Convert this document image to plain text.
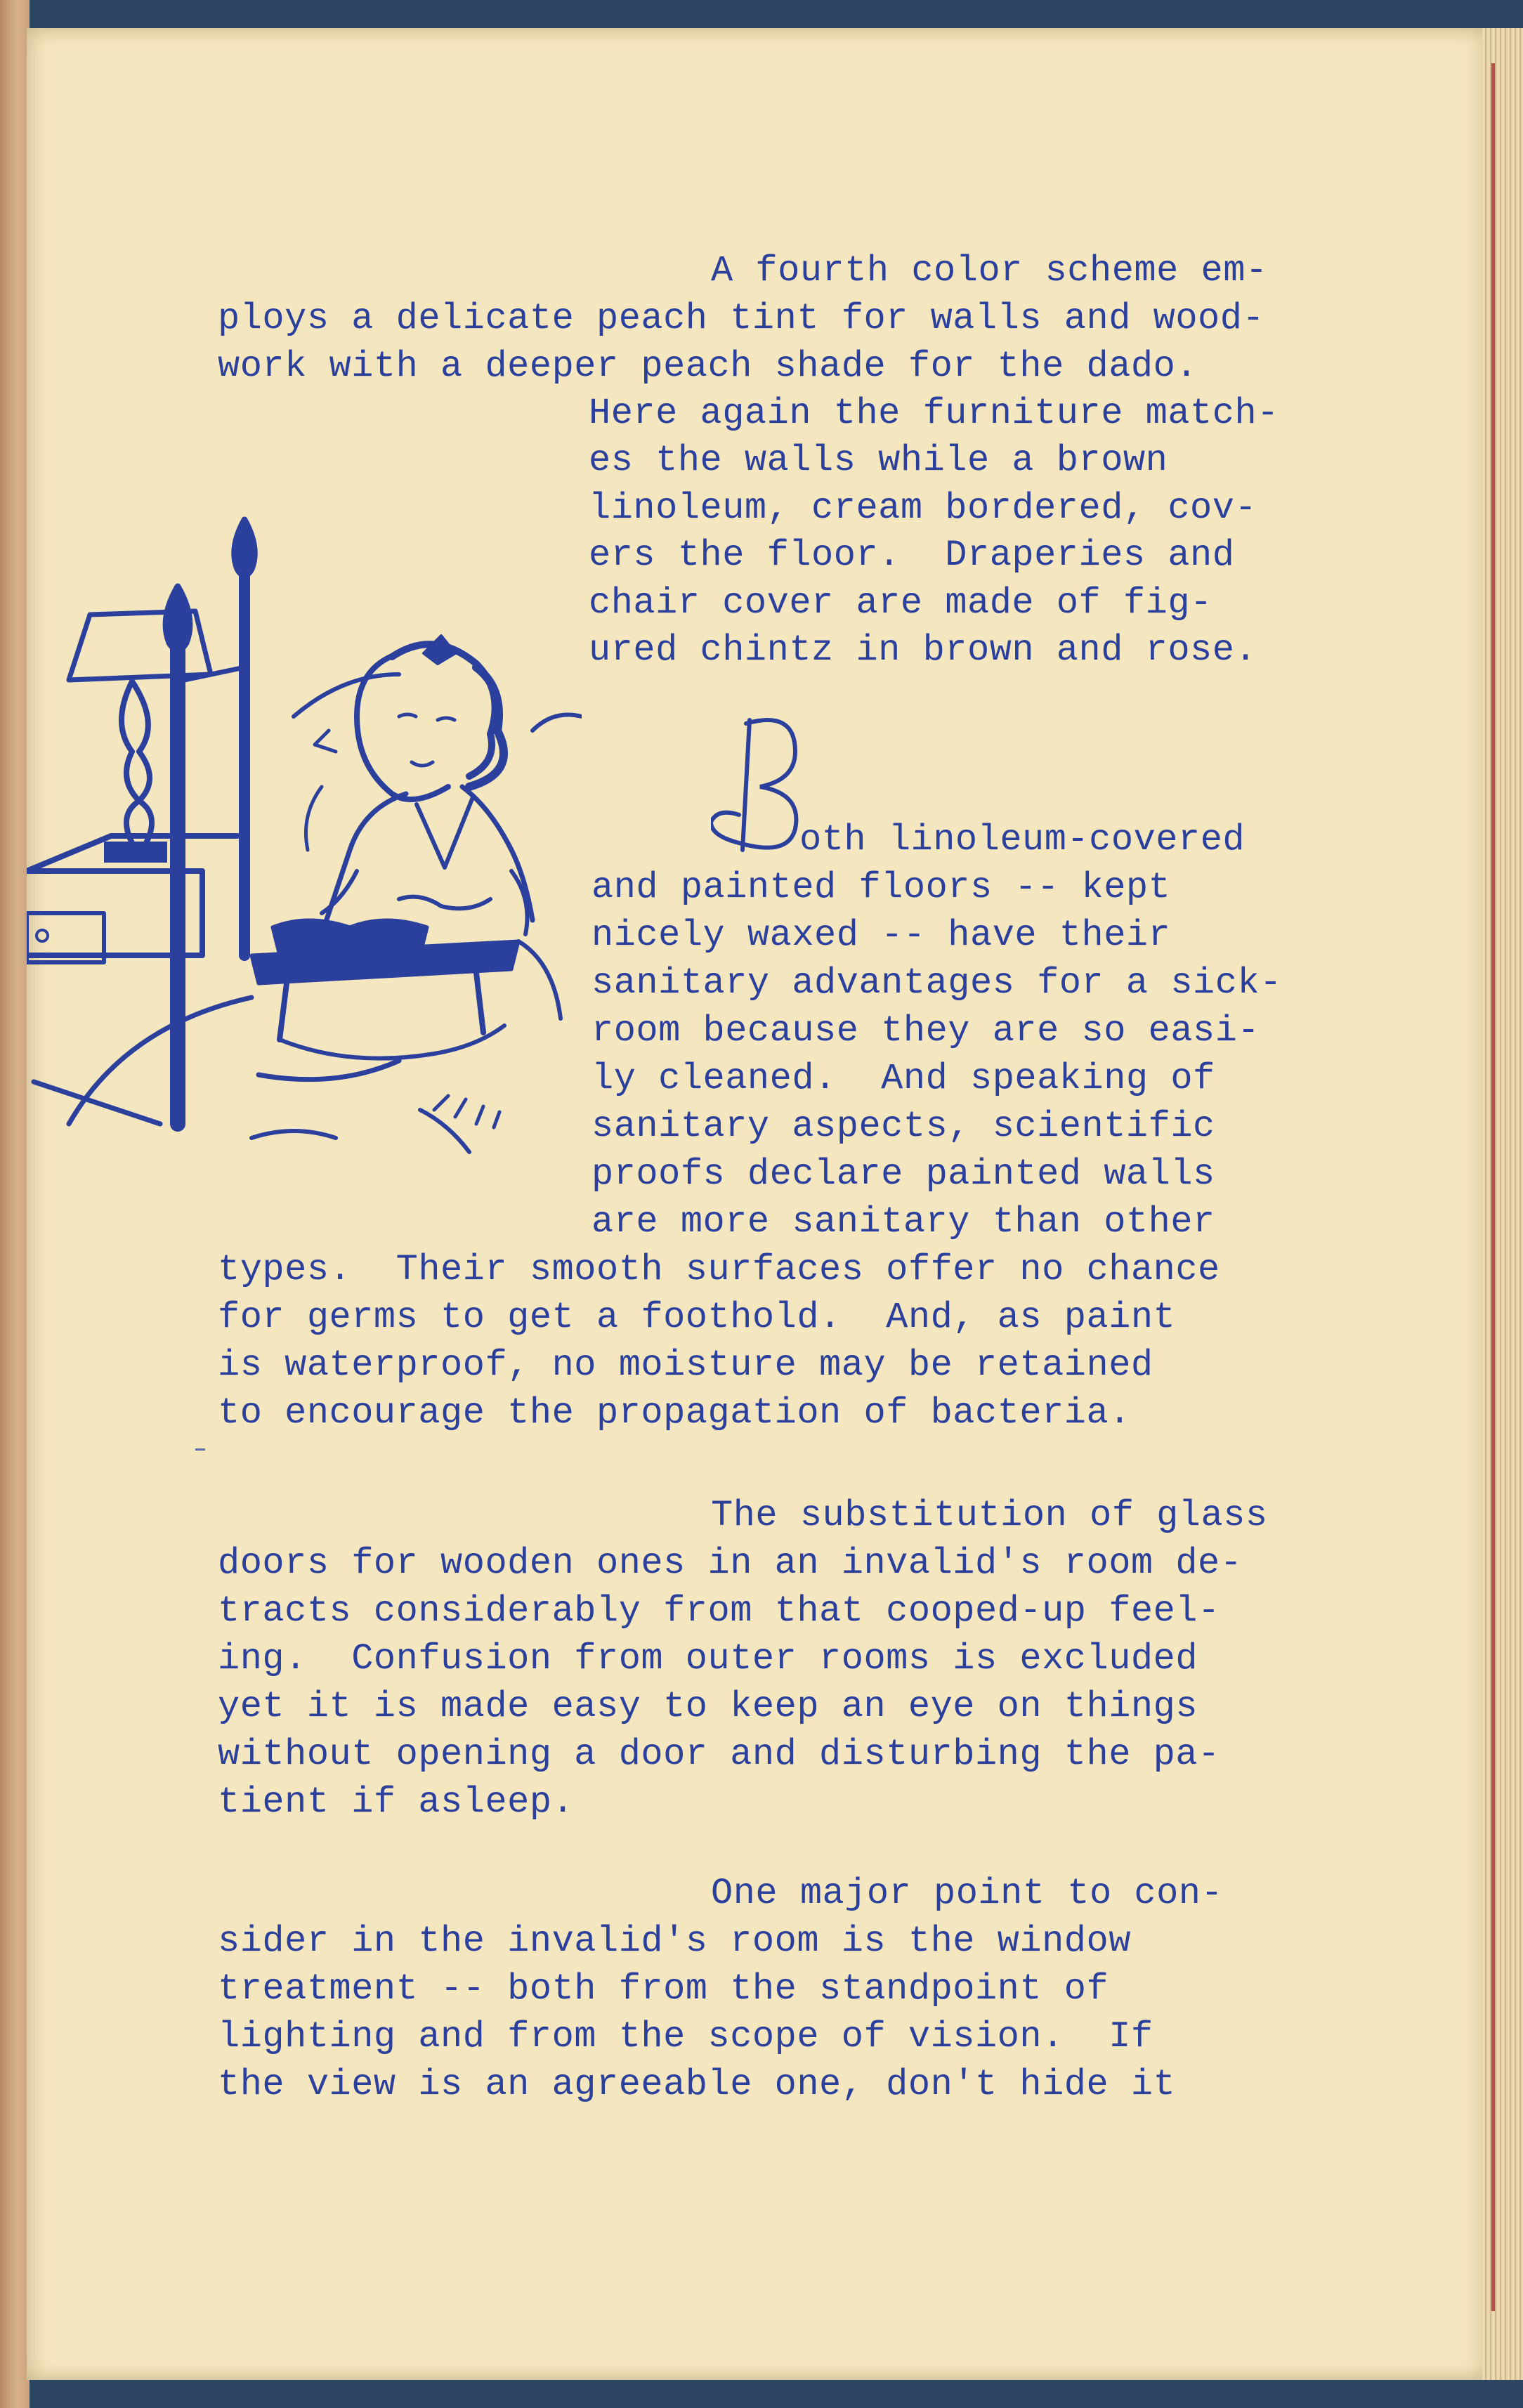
B

A fourth color scheme em-

ploys a delicate peach tint for walls and wood-

work with a deeper peach shade for the dado.

Here again the furniture match-

es the walls while a brown

linoleum, cream bordered, cov-

ers the floor.  Draperies and

chair cover are made of fig-

ured chintz in brown and rose.

oth linoleum-covered

and painted floors -- kept

nicely waxed -- have their

sanitary advantages for a sick-

room because they are so easi-

ly cleaned.  And speaking of

sanitary aspects, scientific

proofs declare painted walls

are more sanitary than other

types.  Their smooth surfaces offer no chance

for germs to get a foothold.  And, as paint

is waterproof, no moisture may be retained

to encourage the propagation of bacteria.

The substitution of glass

doors for wooden ones in an invalid's room de-

tracts considerably from that cooped-up feel-

ing.  Confusion from outer rooms is excluded

yet it is made easy to keep an eye on things

without opening a door and disturbing the pa-

tient if asleep.

One major point to con-

sider in the invalid's room is the window

treatment -- both from the standpoint of

lighting and from the scope of vision.  If

the view is an agreeable one, don't hide it
